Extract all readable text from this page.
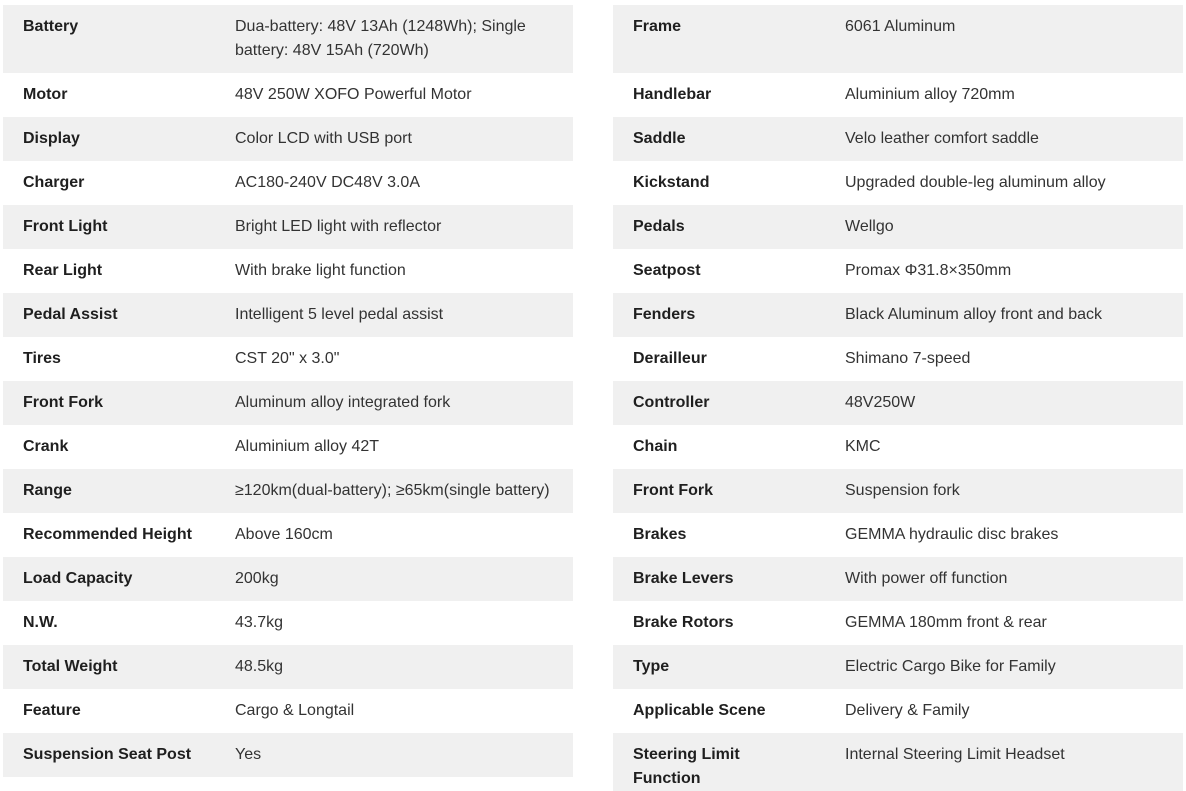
Battery	Dua-battery: 48V 13Ah (1248Wh); Single battery: 48V 15Ah (720Wh)
Motor	48V 250W XOFO Powerful Motor
Display	Color LCD with USB port
Charger	AC180-240V DC48V 3.0A
Front Light	Bright LED light with reflector
Rear Light	With brake light function
Pedal Assist	Intelligent 5 level pedal assist
Tires	CST 20" x 3.0"
Front Fork	Aluminum alloy integrated fork
Crank	Aluminium alloy 42T
Range	≥120km(dual-battery); ≥65km(single battery)
Recommended Height	Above 160cm
Load Capacity	200kg
N.W.	43.7kg
Total Weight	48.5kg
Feature	Cargo & Longtail
Suspension Seat Post	Yes
Frame	6061 Aluminum
Handlebar	Aluminium alloy 720mm
Saddle	Velo leather comfort saddle
Kickstand	Upgraded double-leg aluminum alloy
Pedals	Wellgo
Seatpost	Promax Φ31.8×350mm
Fenders	Black Aluminum alloy front and back
Derailleur	Shimano 7-speed
Controller	48V250W
Chain	KMC
Front Fork	Suspension fork
Brakes	GEMMA hydraulic disc brakes
Brake Levers	With power off function
Brake Rotors	GEMMA 180mm front & rear
Type	Electric Cargo Bike for Family
Applicable Scene	Delivery & Family
Steering Limit Function	Internal Steering Limit Headset
